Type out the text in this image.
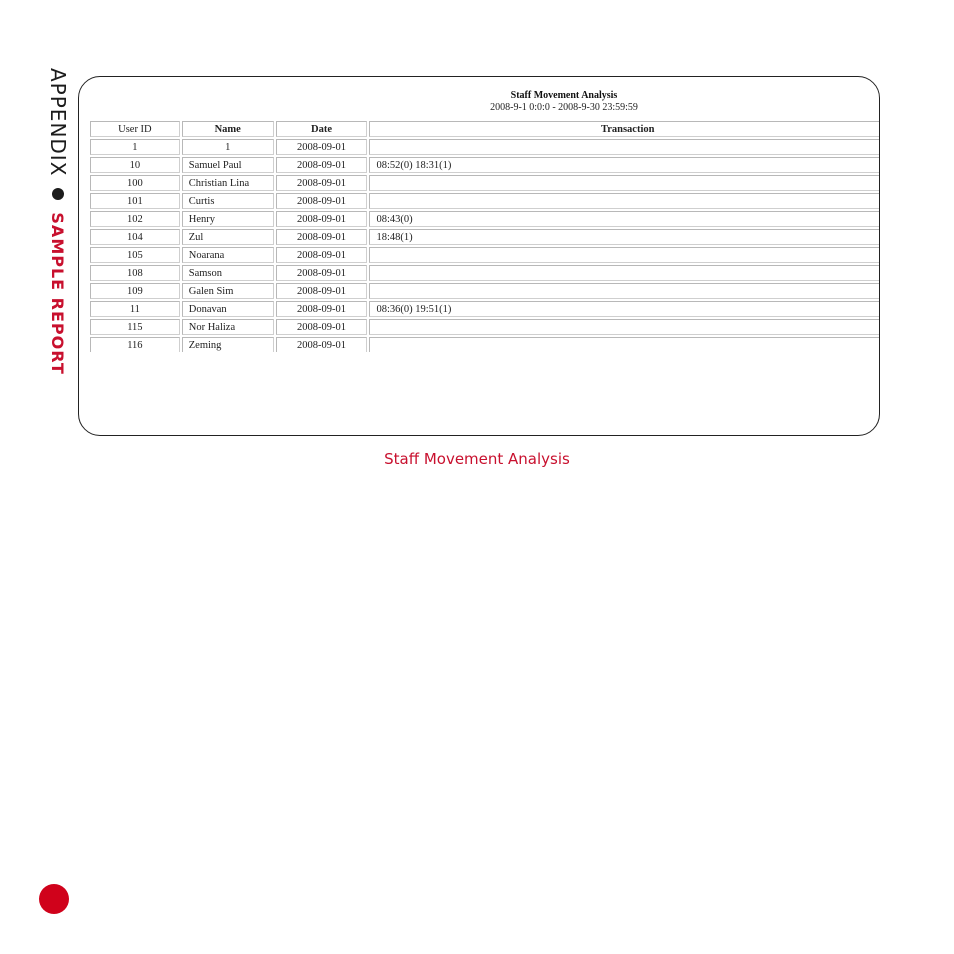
APPENDIX
SAMPLE REPORT
Staff Movement Analysis
2008-9-1 0:0:0 - 2008-9-30 23:59:59
User ID	Name	Date	Transaction
1	1	2008-09-01	
10	Samuel Paul	2008-09-01	08:52(0) 18:31(1)
100	Christian Lina	2008-09-01	
101	Curtis	2008-09-01	
102	Henry	2008-09-01	08:43(0)
104	Zul	2008-09-01	18:48(1)
105	Noarana	2008-09-01	
108	Samson	2008-09-01	
109	Galen Sim	2008-09-01	
11	Donavan	2008-09-01	08:36(0) 19:51(1)
115	Nor Haliza	2008-09-01	
116	Zeming	2008-09-01	
Staff Movement Analysis
